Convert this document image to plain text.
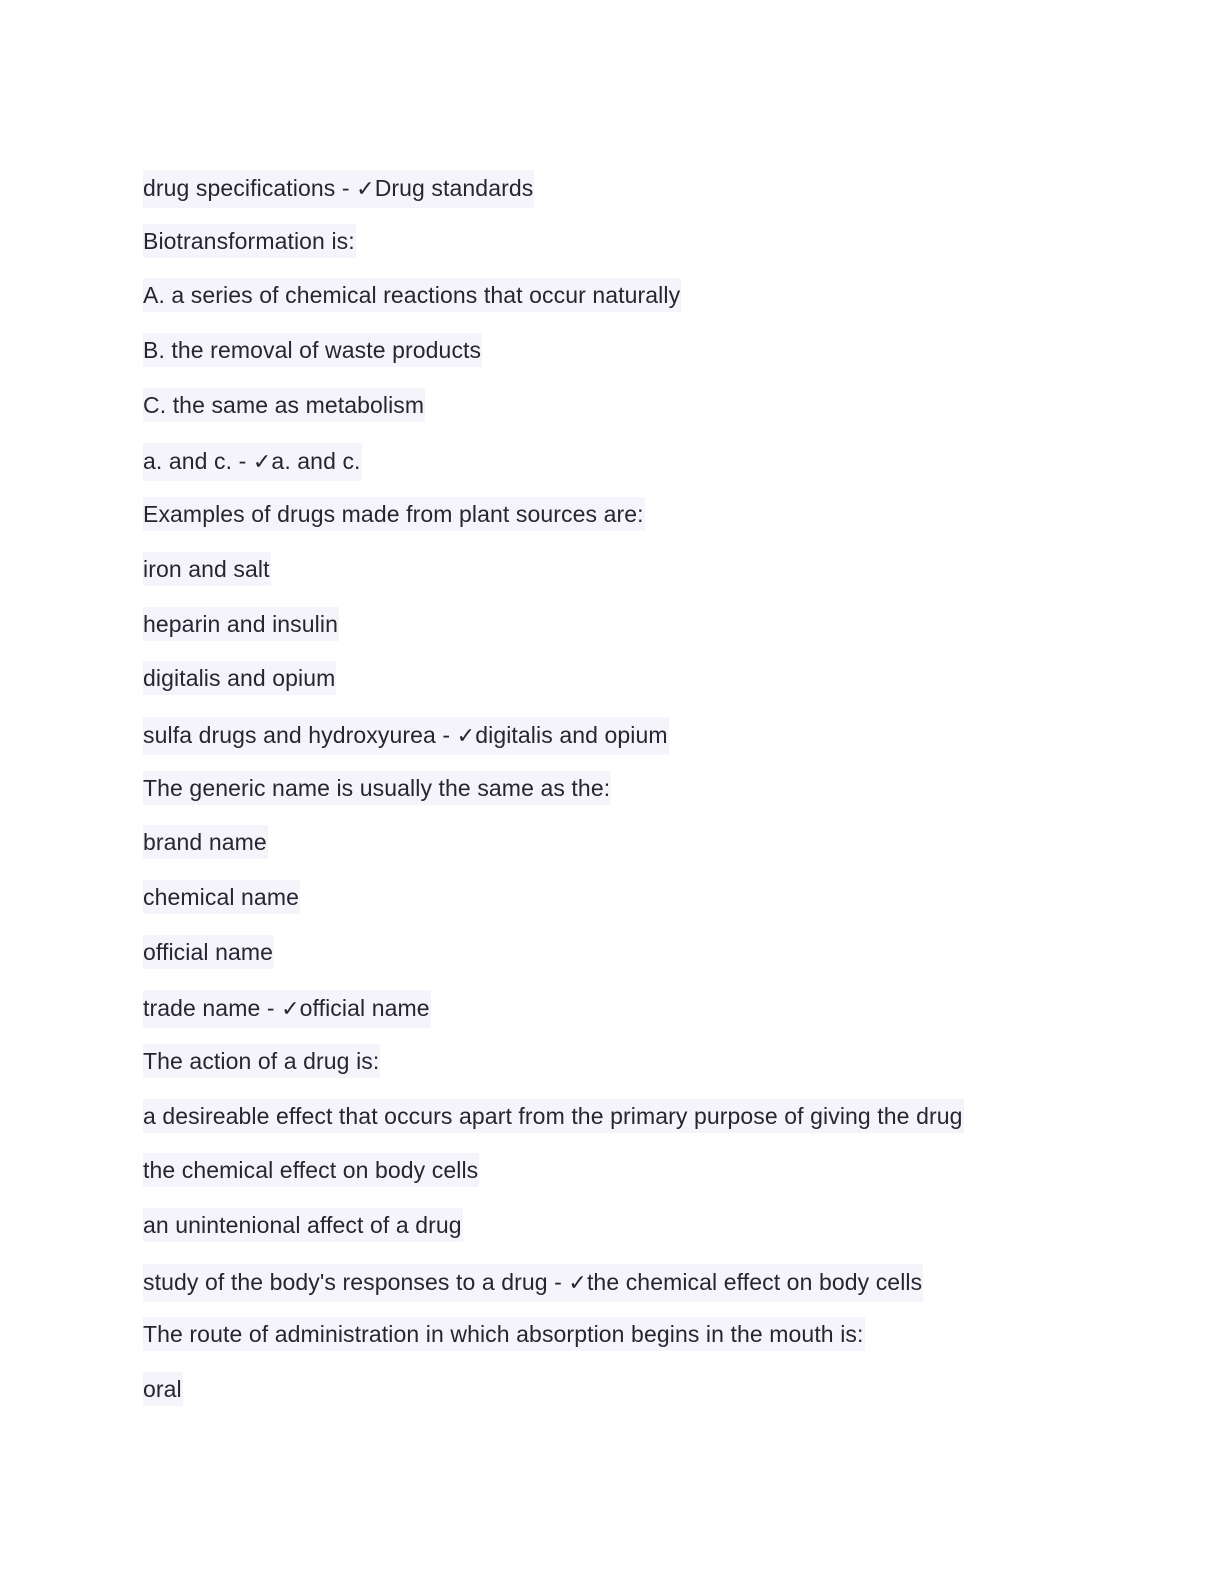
drug specifications - ✓Drug standards
Biotransformation is:
A. a series of chemical reactions that occur naturally
B. the removal of waste products
C. the same as metabolism
a. and c. - ✓a. and c.
Examples of drugs made from plant sources are:
iron and salt
heparin and insulin
digitalis and opium
sulfa drugs and hydroxyurea - ✓digitalis and opium
The generic name is usually the same as the:
brand name
chemical name
official name
trade name - ✓official name
The action of a drug is:
a desireable effect that occurs apart from the primary purpose of giving the drug
the chemical effect on body cells
an unintenional affect of a drug
study of the body's responses to a drug - ✓the chemical effect on body cells
The route of administration in which absorption begins in the mouth is:
oral
